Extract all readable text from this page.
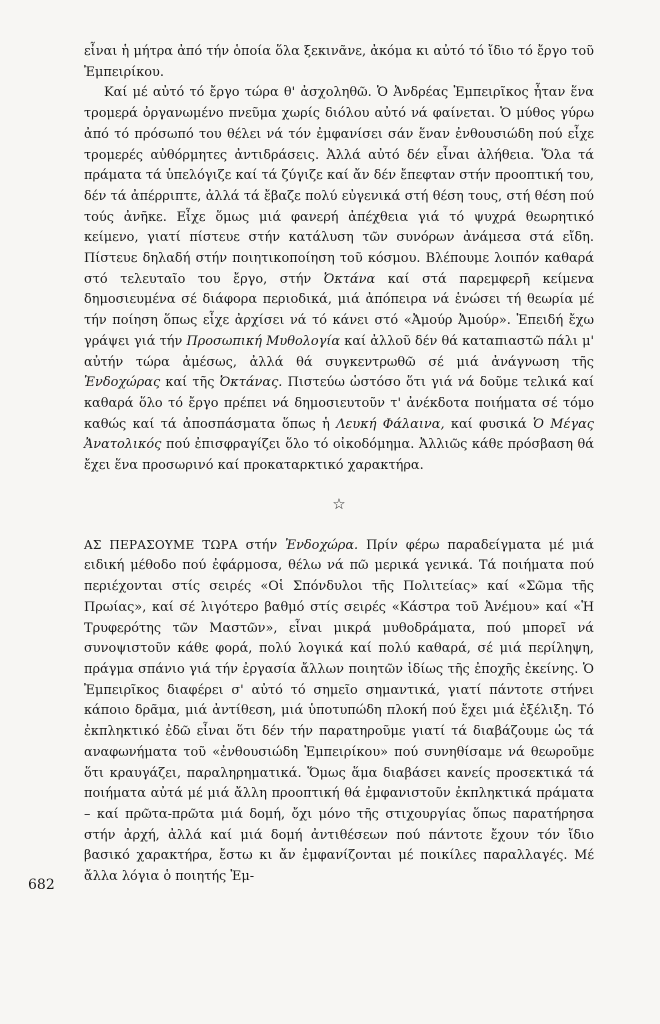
εἶναι ἡ μήτρα ἀπό τήν ὁποία ὅλα ξεκινᾶνε, ἀκόμα κι αὐτό τό ἴδιο τό ἔργο τοῦ Ἐμπειρίκου.

Καί μέ αὐτό τό ἔργο τώρα θ' ἀσχοληθῶ. Ὁ Ἀνδρέας Ἐμπειρῖκος ἦταν ἕνα τρομερά ὀργανωμένο πνεῦμα χωρίς διόλου αὐτό νά φαίνεται. Ὁ μύθος γύρω ἀπό τό πρόσωπό του θέλει νά τόν ἐμφανίσει σάν ἕναν ἐνθουσιώδη πού εἶχε τρομερές αὐθόρμητες ἀντιδράσεις. Ἀλλά αὐτό δέν εἶναι ἀλήθεια. Ὅλα τά πράματα τά ὑπελόγιζε καί τά ζύγιζε καί ἄν δέν ἔπεφταν στήν προοπτική του, δέν τά ἀπέρριπτε, ἀλλά τά ἔβαζε πολύ εὐγενικά στή θέση τους, στή θέση πού τούς ἀνῆκε. Εἶχε ὅμως μιά φανερή ἀπέχθεια γιά τό ψυχρά θεωρητικό κείμενο, γιατί πίστευε στήν κατάλυση τῶν συνόρων ἀνάμεσα στά εἴδη. Πίστευε δηλαδή στήν ποιητικοποίηση τοῦ κόσμου. Βλέπουμε λοιπόν καθαρά στό τελευταῖο του ἔργο, στήν Ὀκτάνα καί στά παρεμφερῆ κείμενα δημοσιευμένα σέ διάφορα περιοδικά, μιά ἀπόπειρα νά ἑνώσει τή θεωρία μέ τήν ποίηση ὅπως εἶχε ἀρχίσει νά τό κάνει στό «Ἀμούρ Ἀμούρ». Ἐπειδή ἔχω γράψει γιά τήν Προσωπική Μυθολογία καί ἀλλοῦ δέν θά καταπιαστῶ πάλι μ' αὐτήν τώρα ἀμέσως, ἀλλά θά συγκεντρωθῶ σέ μιά ἀνάγνωση τῆς Ἐνδοχώρας καί τῆς Ὀκτάνας. Πιστεύω ὡστόσο ὅτι γιά νά δοῦμε τελικά καί καθαρά ὅλο τό ἔργο πρέπει νά δημοσιευτοῦν τ' ἀνέκδοτα ποιήματα σέ τόμο καθώς καί τά ἀποσπάσματα ὅπως ἡ Λευκή Φάλαινα, καί φυσικά Ὁ Μέγας Ἀνατολικός πού ἐπισφραγίζει ὅλο τό οἰκοδόμημα. Ἀλλιῶς κάθε πρόσβαση θά ἔχει ἕνα προσωρινό καί προκαταρκτικό χαρακτήρα.

☆

ΑΣ ΠΕΡΑΣΟΥΜΕ ΤΩΡΑ στήν Ἐνδοχώρα. Πρίν φέρω παραδείγματα μέ μιά ειδική μέθοδο πού ἐφάρμοσα, θέλω νά πῶ μερικά γενικά. Τά ποιήματα πού περιέχονται στίς σειρές «Οἱ Σπόνδυλοι τῆς Πολιτείας» καί «Σῶμα τῆς Πρωίας», καί σέ λιγότερο βαθμό στίς σειρές «Κάστρα τοῦ Ἀνέμου» καί «Ἡ Τρυφερότης τῶν Μαστῶν», εἶναι μικρά μυθοδράματα, πού μπορεῖ νά συνοψιστοῦν κάθε φορά, πολύ λογικά καί πολύ καθαρά, σέ μιά περίληψη, πράγμα σπάνιο γιά τήν ἐργασία ἄλλων ποιητῶν ἰδίως τῆς ἐποχῆς ἐκείνης. Ὁ Ἐμπειρῖκος διαφέρει σ' αὐτό τό σημεῖο σημαντικά, γιατί πάντοτε στήνει κάποιο δρᾶμα, μιά ἀντίθεση, μιά ὑποτυπώδη πλοκή πού ἔχει μιά ἐξέλιξη. Τό ἐκπληκτικό ἐδῶ εἶναι ὅτι δέν τήν παρατηροῦμε γιατί τά διαβάζουμε ὡς τά αναφωνήματα τοῦ «ἐνθουσιώδη Ἐμπειρίκου» πού συνηθίσαμε νά θεωροῦμε ὅτι κραυγάζει, παραληρηματικά. Ὅμως ἅμα διαβάσει κανείς προσεκτικά τά ποιήματα αὐτά μέ μιά ἄλλη προοπτική θά ἐμφανιστοῦν ἐκπληκτικά πράματα – καί πρῶτα-πρῶτα μιά δομή, ὄχι μόνο τῆς στιχουργίας ὅπως παρατήρησα στήν ἀρχή, ἀλλά καί μιά δομή ἀντιθέσεων πού πάντοτε ἔχουν τόν ἴδιο βασικό χαρακτήρα, ἔστω κι ἄν ἐμφανίζονται μέ ποικίλες παραλλαγές. Μέ ἄλλα λόγια ὁ ποιητής Ἐμ-

682
